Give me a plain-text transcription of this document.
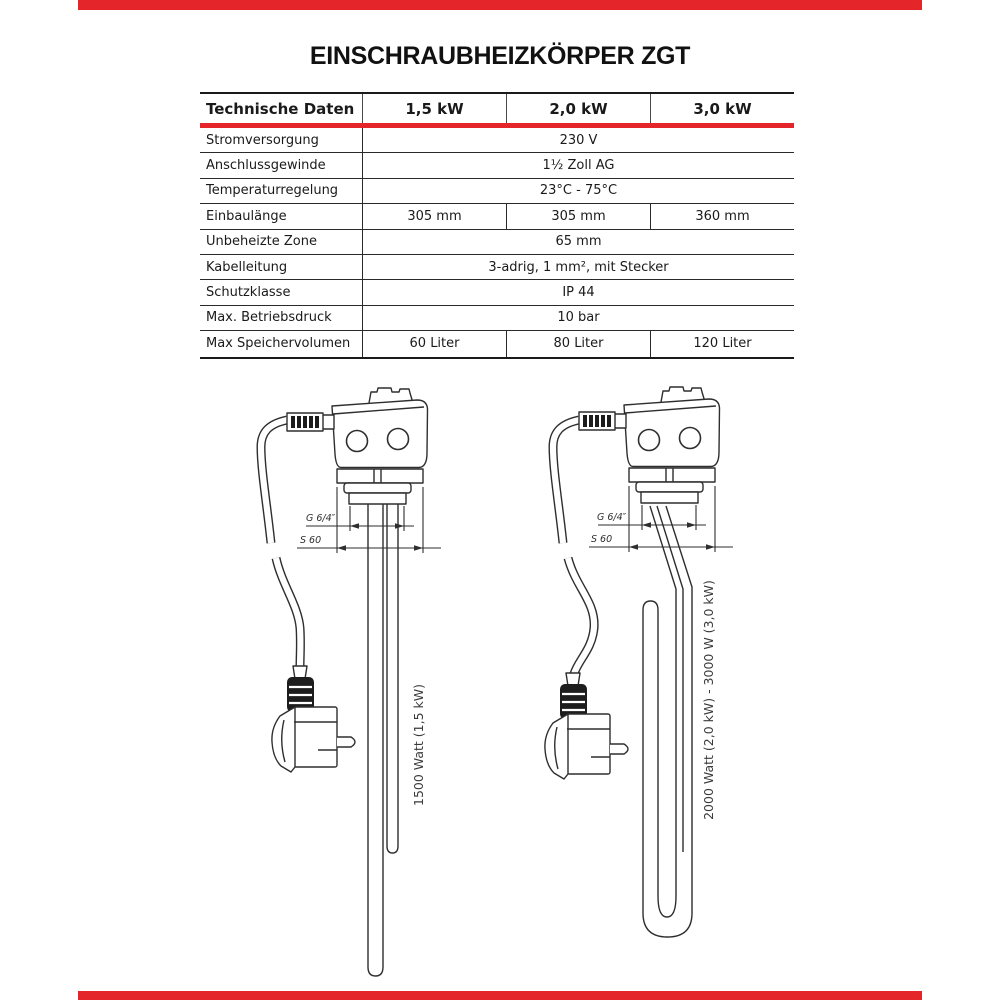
EINSCHRAUBHEIZKÖRPER ZGT
Technische Daten	1,5 kW	2,0 kW	3,0 kW
Stromversorgung	230 V
Anschlussgewinde	1½ Zoll AG
Temperaturregelung	23°C - 75°C
Einbaulänge	305 mm	305 mm	360 mm
Unbeheizte Zone	65 mm
Kabelleitung	3-adrig, 1 mm², mit Stecker
Schutzklasse	IP 44
Max. Betriebsdruck	10 bar
Max Speichervolumen	60 Liter	80 Liter	120 Liter
G 6/4″
S 60
1500 Watt (1,5 kW)
G 6/4″
S 60
2000 Watt (2,0 kW) - 3000 W (3,0 kW)
